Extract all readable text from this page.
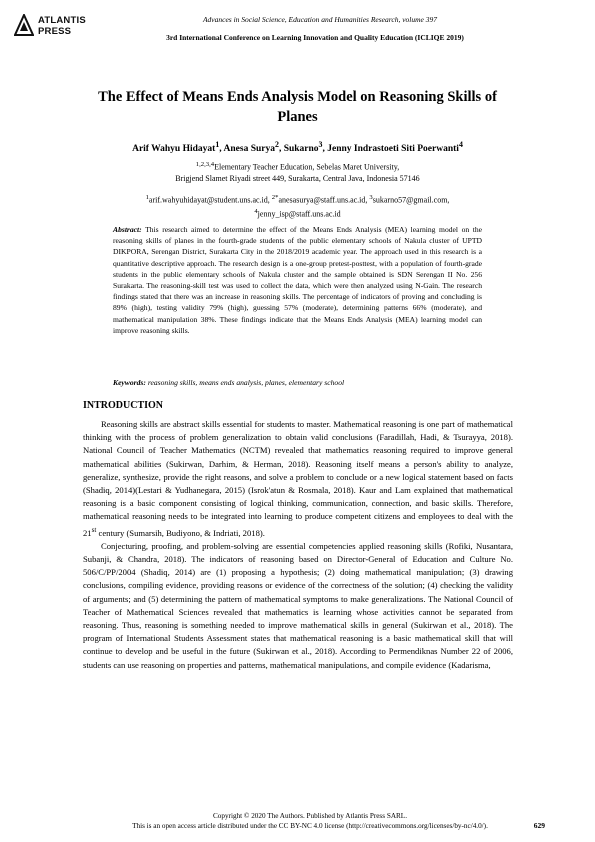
ATLANTIS
PRESS
Advances in Social Science, Education and Humanities Research, volume 397
3rd International Conference on Learning Innovation and Quality Education (ICLIQE 2019)
The Effect of Means Ends Analysis Model on Reasoning Skills of Planes
Arif Wahyu Hidayat$^1$, Anesa Surya$^2$, Sukarno$^3$, Jenny Indrastoeti Siti Poerwanti$^4$
$^{1,2,3,4}$Elementary Teacher Education, Sebelas Maret University,
Brigjend Slamet Riyadi street 449, Surakarta, Central Java, Indonesia 57146
$^1$arif.wahyuhidayat@student.uns.ac.id, $^{2*}$anesasurya@staff.uns.ac.id, $^3$sukarno57@gmail.com,
$^4$jenny_isp@staff.uns.ac.id
Abstract: This research aimed to determine the effect of the Means Ends Analysis (MEA) learning model on the reasoning skills of planes in the fourth-grade students of the public elementary schools of Nakula cluster of UPTD DIKPORA, Serengan District, Surakarta City in the 2018/2019 academic year. The approach used in this research is a quantitative descriptive approach. The research design is a one-group pretest-posttest, with a population of fourth-grade students in the public elementary schools of Nakula cluster and the sample obtained is SDN Serengan II No. 256 Surakarta. The reasoning-skill test was used to collect the data, which were then analyzed using N-Gain. The research findings stated that there was an increase in reasoning skills. The percentage of indicators of proving and concluding is 89% (high), testing validity 79% (high), guessing 57% (moderate), determining patterns 66% (moderate), and mathematical manipulation 38%. These findings indicate that the Means Ends Analysis (MEA) learning model can improve reasoning skills.
Keywords: reasoning skills, means ends analysis, planes, elementary school
INTRODUCTION

Reasoning skills are abstract skills essential for students to master. Mathematical reasoning is one part of mathematical thinking with the process of problem generalization to obtain valid conclusions (Faradillah, Hadi, & Tsurayya, 2018). National Council of Teacher Mathematics (NCTM) revealed that mathematics reasoning required to improve general mathematical abilities (Sukirwan, Darhim, & Herman, 2018). Reasoning itself means a person's ability to analyze, generalize, synthesize, provide the right reasons, and solve a problem to conclude or a new logical statement based on facts (Shadiq, 2014)(Lestari & Yudhanegara, 2015) (Isrok'atun & Rosmala, 2018). Kaur and Lam explained that mathematical reasoning is a basic component consisting of logical thinking, communication, connection, and basic skills. Therefore, mathematical reasoning needs to be integrated into learning to produce competent citizens and employees to deal with the 21st century (Sumarsih, Budiyono, & Indriati, 2018).

Conjecturing, proofing, and problem-solving are essential competencies applied reasoning skills (Rofiki, Nusantara, Subanji, & Chandra, 2018). The indicators of reasoning based on Director-General of Education and Culture No. 506/C/PP/2004 (Shadiq, 2014) are (1) proposing a hypothesis; (2) doing mathematical manipulation; (3) drawing conclusions, compiling evidence, providing reasons or evidence of the correctness of the solution; (4) checking the validity of arguments; and (5) determining the pattern of mathematical symptoms to make generalizations. The National Council of Teacher of Mathematical Sciences revealed that mathematics is learning whose activities cannot be separated from reasoning. Thus, reasoning is something needed to improve mathematical skills in general (Sukirwan et al., 2018). The program of International Students Assessment states that mathematical reasoning is a basic mathematical skill that will continue to develop and be useful in the future (Sukirwan et al., 2018). According to Permendiknas Number 22 of 2006, students can use reasoning on properties and patterns, mathematical manipulations, and compile evidence (Kadarisma,

Copyright © 2020 The Authors. Published by Atlantis Press SARL.
This is an open access article distributed under the CC BY-NC 4.0 license (http://creativecommons.org/licenses/by-nc/4.0/).	629
